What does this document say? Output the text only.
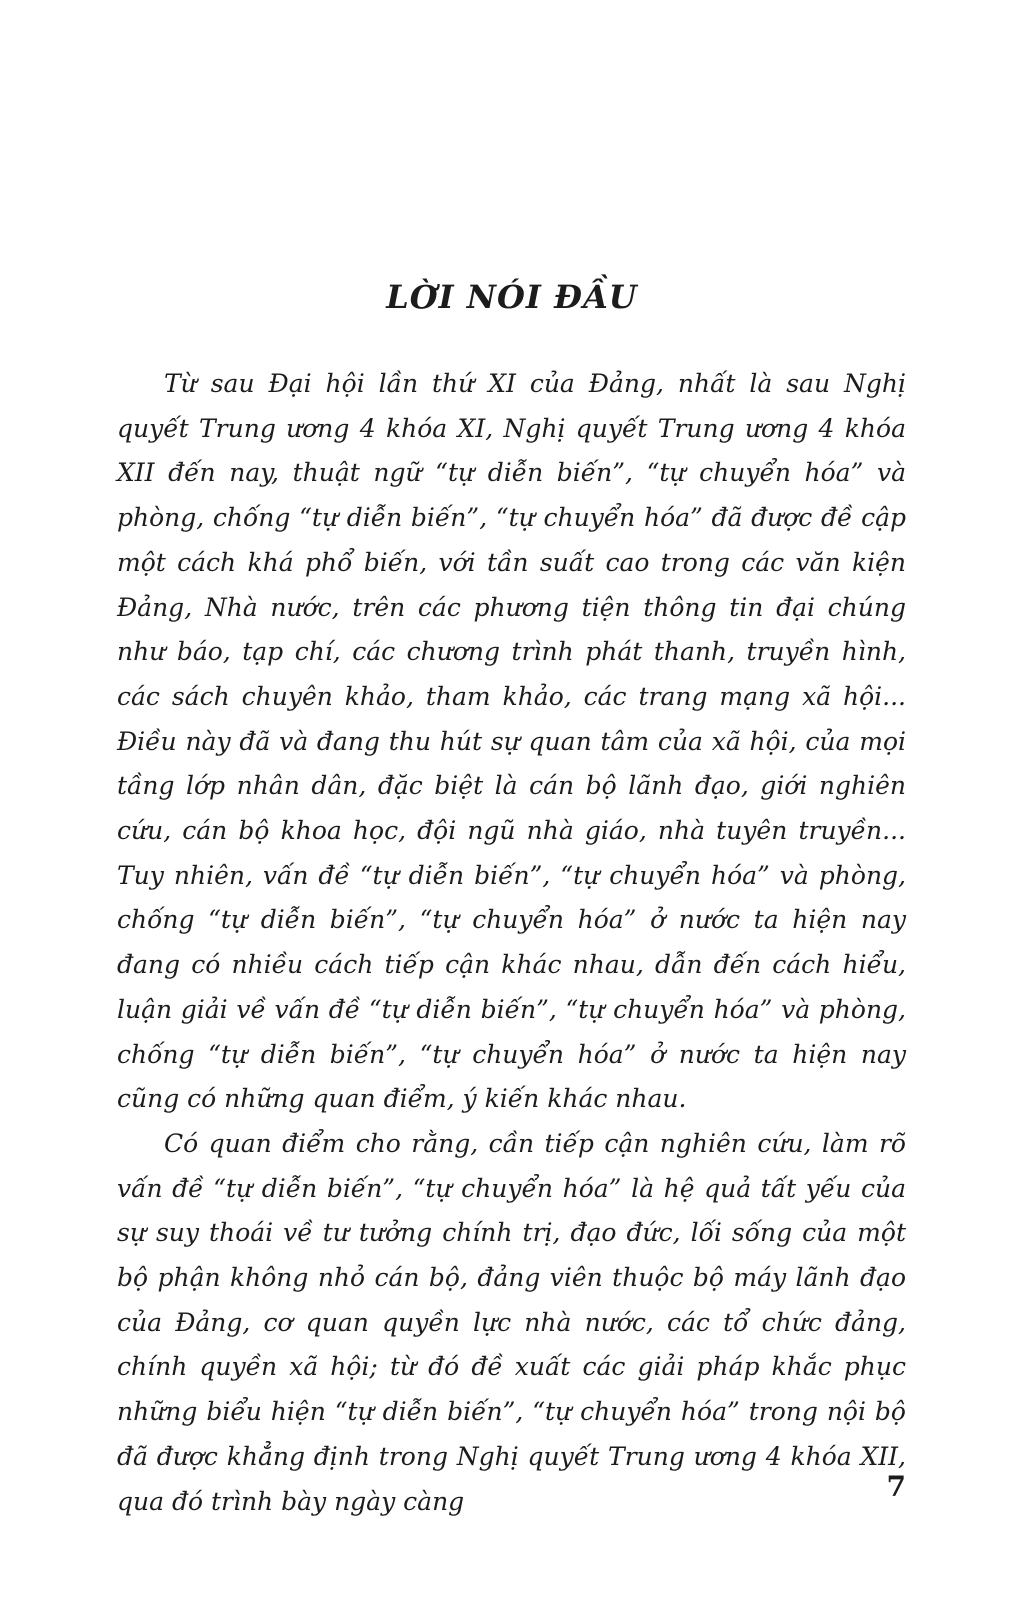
LỜI NÓI ĐẦU

Từ sau Đại hội lần thứ XI của Đảng, nhất là sau Nghị quyết Trung ương 4 khóa XI, Nghị quyết Trung ương 4 khóa XII đến nay, thuật ngữ “tự diễn biến”, “tự chuyển hóa” và phòng, chống “tự diễn biến”, “tự chuyển hóa” đã được đề cập một cách khá phổ biến, với tần suất cao trong các văn kiện Đảng, Nhà nước, trên các phương tiện thông tin đại chúng như báo, tạp chí, các chương trình phát thanh, truyền hình, các sách chuyên khảo, tham khảo, các trang mạng xã hội... Điều này đã và đang thu hút sự quan tâm của xã hội, của mọi tầng lớp nhân dân, đặc biệt là cán bộ lãnh đạo, giới nghiên cứu, cán bộ khoa học, đội ngũ nhà giáo, nhà tuyên truyền... Tuy nhiên, vấn đề “tự diễn biến”, “tự chuyển hóa” và phòng, chống “tự diễn biến”, “tự chuyển hóa” ở nước ta hiện nay đang có nhiều cách tiếp cận khác nhau, dẫn đến cách hiểu, luận giải về vấn đề “tự diễn biến”, “tự chuyển hóa” và phòng, chống “tự diễn biến”, “tự chuyển hóa” ở nước ta hiện nay cũng có những quan điểm, ý kiến khác nhau.

Có quan điểm cho rằng, cần tiếp cận nghiên cứu, làm rõ vấn đề “tự diễn biến”, “tự chuyển hóa” là hệ quả tất yếu của sự suy thoái về tư tưởng chính trị, đạo đức, lối sống của một bộ phận không nhỏ cán bộ, đảng viên thuộc bộ máy lãnh đạo của Đảng, cơ quan quyền lực nhà nước, các tổ chức đảng, chính quyền xã hội; từ đó đề xuất các giải pháp khắc phục những biểu hiện “tự diễn biến”, “tự chuyển hóa” trong nội bộ đã được khẳng định trong Nghị quyết Trung ương 4 khóa XII, qua đó trình bày ngày càng	7
